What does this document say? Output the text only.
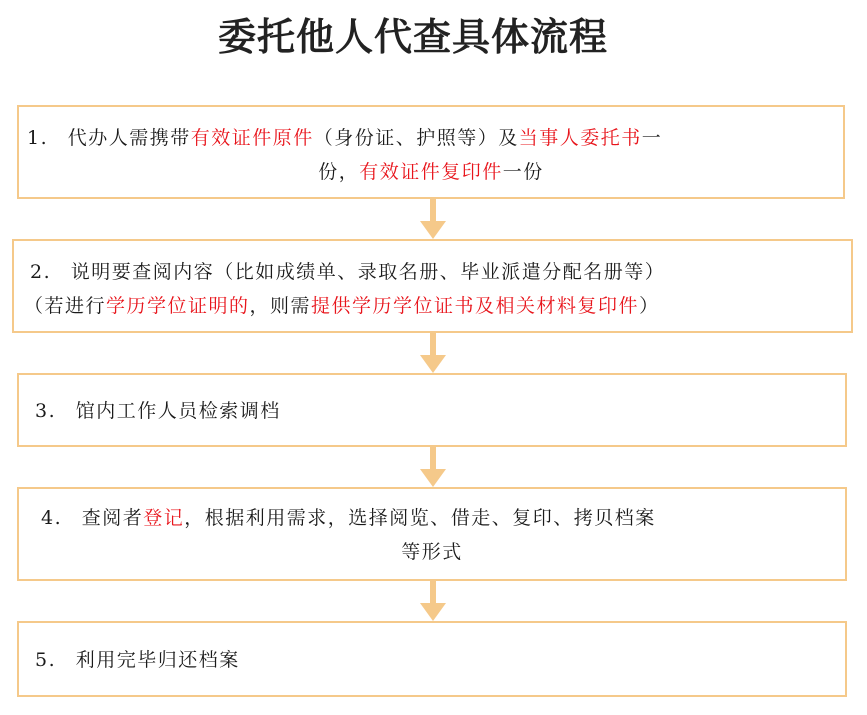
委托他人代查具体流程
1. 代办人需携带有效证件原件（身份证、护照等）及当事人委托书一
份，有效证件复印件一份
2. 说明要查阅内容（比如成绩单、录取名册、毕业派遣分配名册等）
（若进行学历学位证明的，则需提供学历学位证书及相关材料复印件）
3. 馆内工作人员检索调档
4. 查阅者登记，根据利用需求，选择阅览、借走、复印、拷贝档案
等形式
5. 利用完毕归还档案
